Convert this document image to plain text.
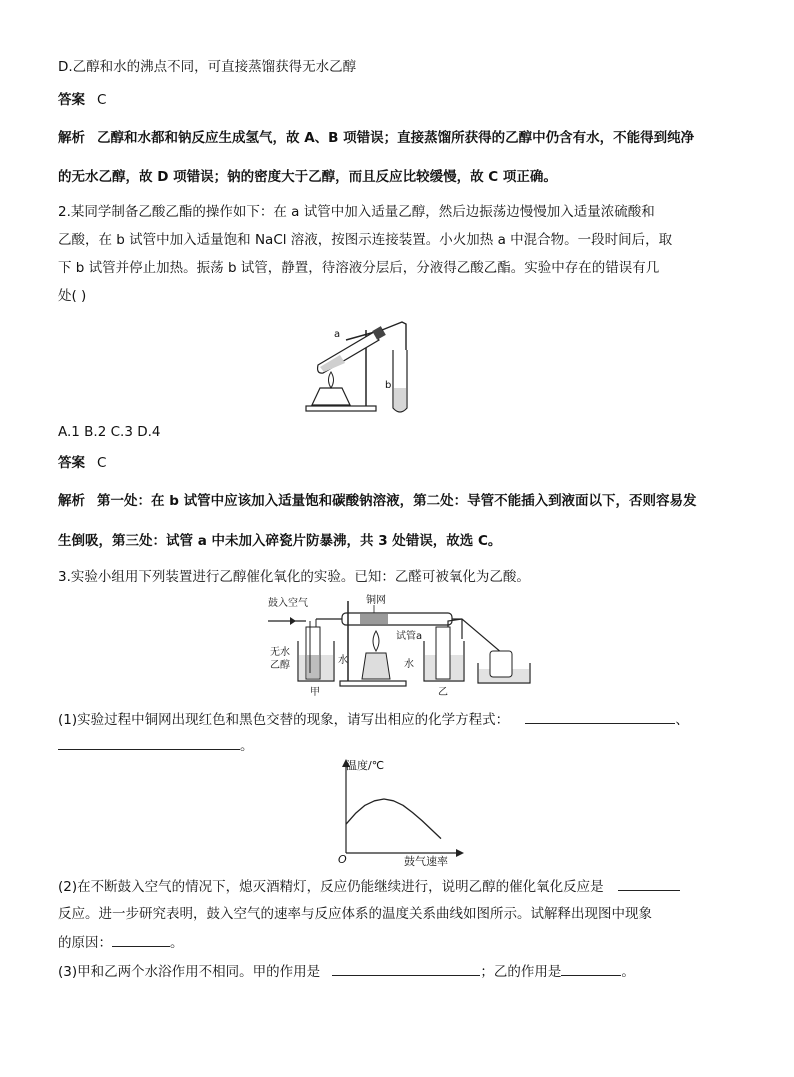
D.乙醇和水的沸点不同，可直接蒸馏获得无水乙醇
答案 C
解析 乙醇和水都和钠反应生成氢气，故 A、B 项错误；直接蒸馏所获得的乙醇中仍含有水，不能得到纯净
的无水乙醇，故 D 项错误；钠的密度大于乙醇，而且反应比较缓慢，故 C 项正确。
2.某同学制备乙酸乙酯的操作如下：在 a 试管中加入适量乙醇，然后边振荡边慢慢加入适量浓硫酸和
乙酸，在 b 试管中加入适量饱和 NaCl 溶液，按图示连接装置。小火加热 a 中混合物。一段时间后，取
下 b 试管并停止加热。振荡 b 试管，静置，待溶液分层后，分液得乙酸乙酯。实验中存在的错误有几
处( )
a
b
A.1 B.2 C.3 D.4
答案 C
解析 第一处：在 b 试管中应该加入适量饱和碳酸钠溶液，第二处：导管不能插入到液面以下，否则容易发
生倒吸，第三处：试管 a 中未加入碎瓷片防暴沸，共 3 处错误，故选 C。
3.实验小组用下列装置进行乙醇催化氧化的实验。已知：乙醛可被氧化为乙酸。
鼓入空气
无水
乙醇	水
甲
铜网
试管a
水
乙
(1)实验过程中铜网出现红色和黑色交替的现象，请写出相应的化学方程式：	、
。
温度/℃
鼓气速率
O
(2)在不断鼓入空气的情况下，熄灭酒精灯，反应仍能继续进行，说明乙醇的催化氧化反应是
反应。进一步研究表明，鼓入空气的速率与反应体系的温度关系曲线如图所示。试解释出现图中现象
的原因：	。
(3)甲和乙两个水浴作用不相同。甲的作用是	；乙的作用是	。
